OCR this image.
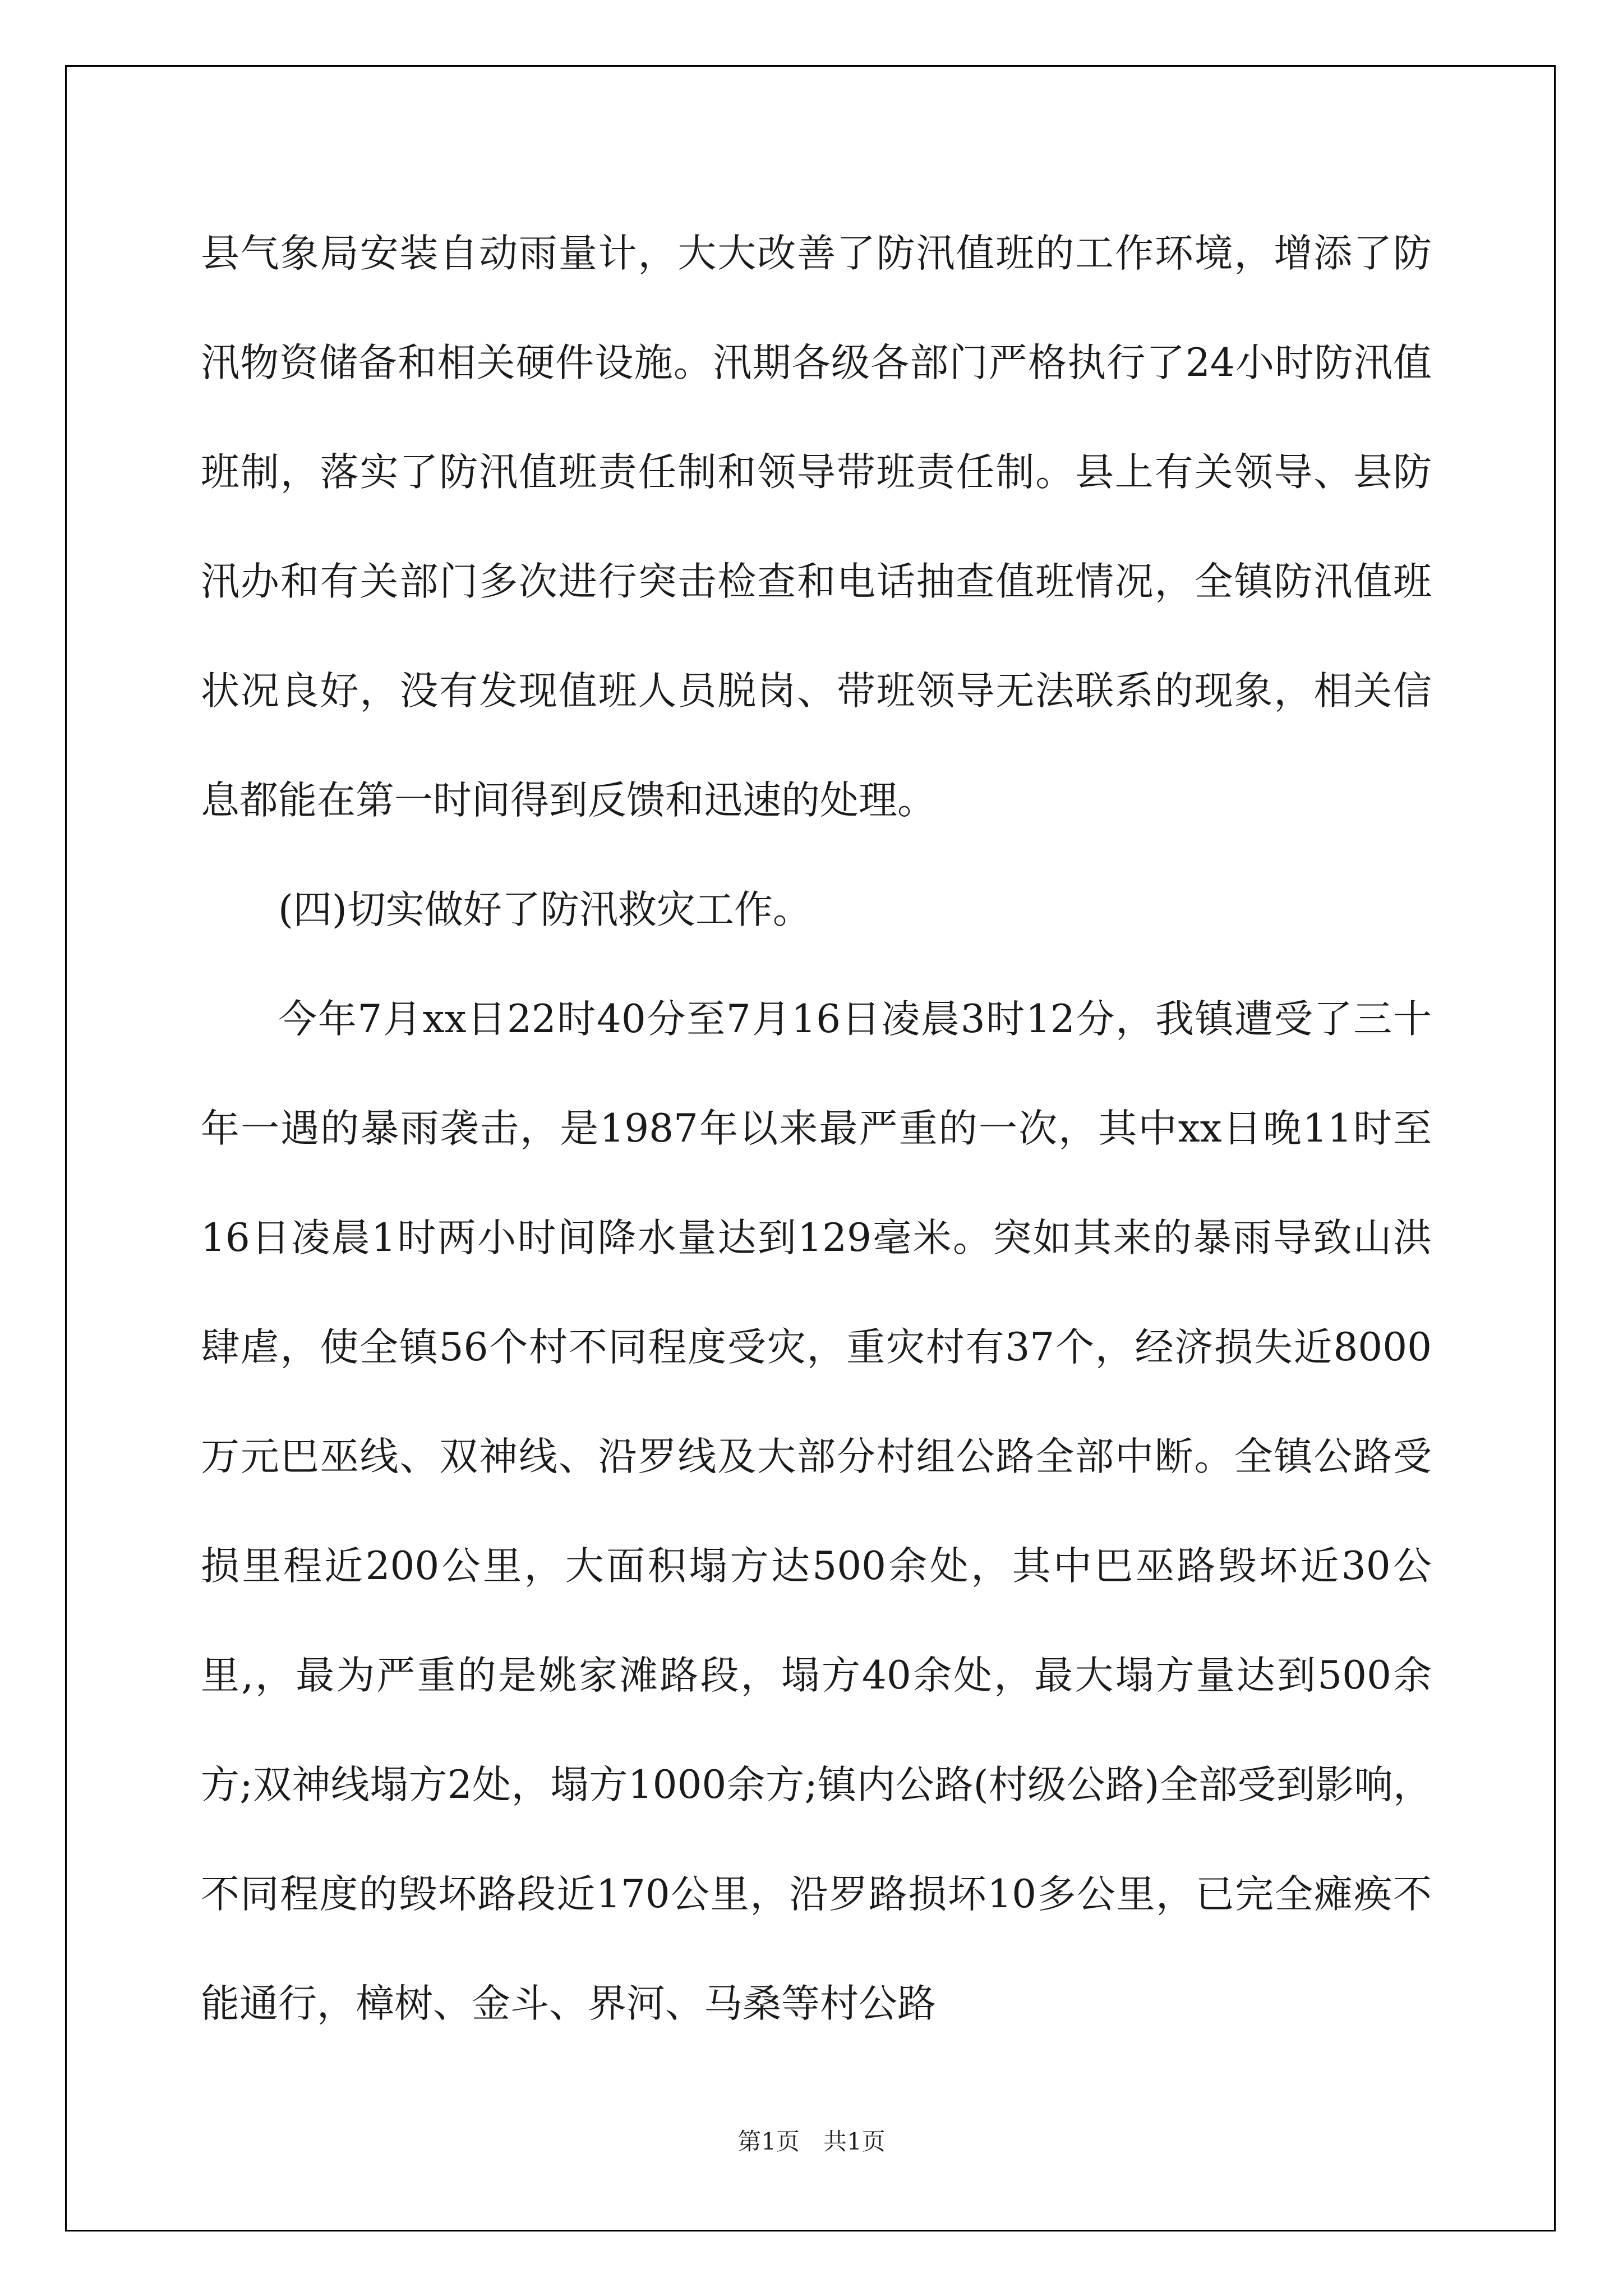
县气象局安装自动雨量计，大大改善了防汛值班的工作环境，增添了防汛物资储备和相关硬件设施。汛期各级各部门严格执行了24小时防汛值班制，落实了防汛值班责任制和领导带班责任制。县上有关领导、县防汛办和有关部门多次进行突击检查和电话抽查值班情况，全镇防汛值班状况良好，没有发现值班人员脱岗、带班领导无法联系的现象，相关信息都能在第一时间得到反馈和迅速的处理。

(四)切实做好了防汛救灾工作。

今年7月xx日22时40分至7月16日凌晨3时12分，我镇遭受了三十年一遇的暴雨袭击，是1987年以来最严重的一次，其中xx日晚11时至16日凌晨1时两小时间降水量达到129毫米。突如其来的暴雨导致山洪肆虐，使全镇56个村不同程度受灾，重灾村有37个，经济损失近8000万元巴巫线、双神线、沿罗线及大部分村组公路全部中断。全镇公路受损里程近200公里，大面积塌方达500余处，其中巴巫路毁坏近30公里,，最为严重的是姚家滩路段，塌方40余处，最大塌方量达到500余方;双神线塌方2处，塌方1000余方;镇内公路(村级公路)全部受到影响，不同程度的毁坏路段近170公里，沿罗路损坏10多公里，已完全瘫痪不能通行，樟树、金斗、界河、马桑等村公路

第1页　共1页
